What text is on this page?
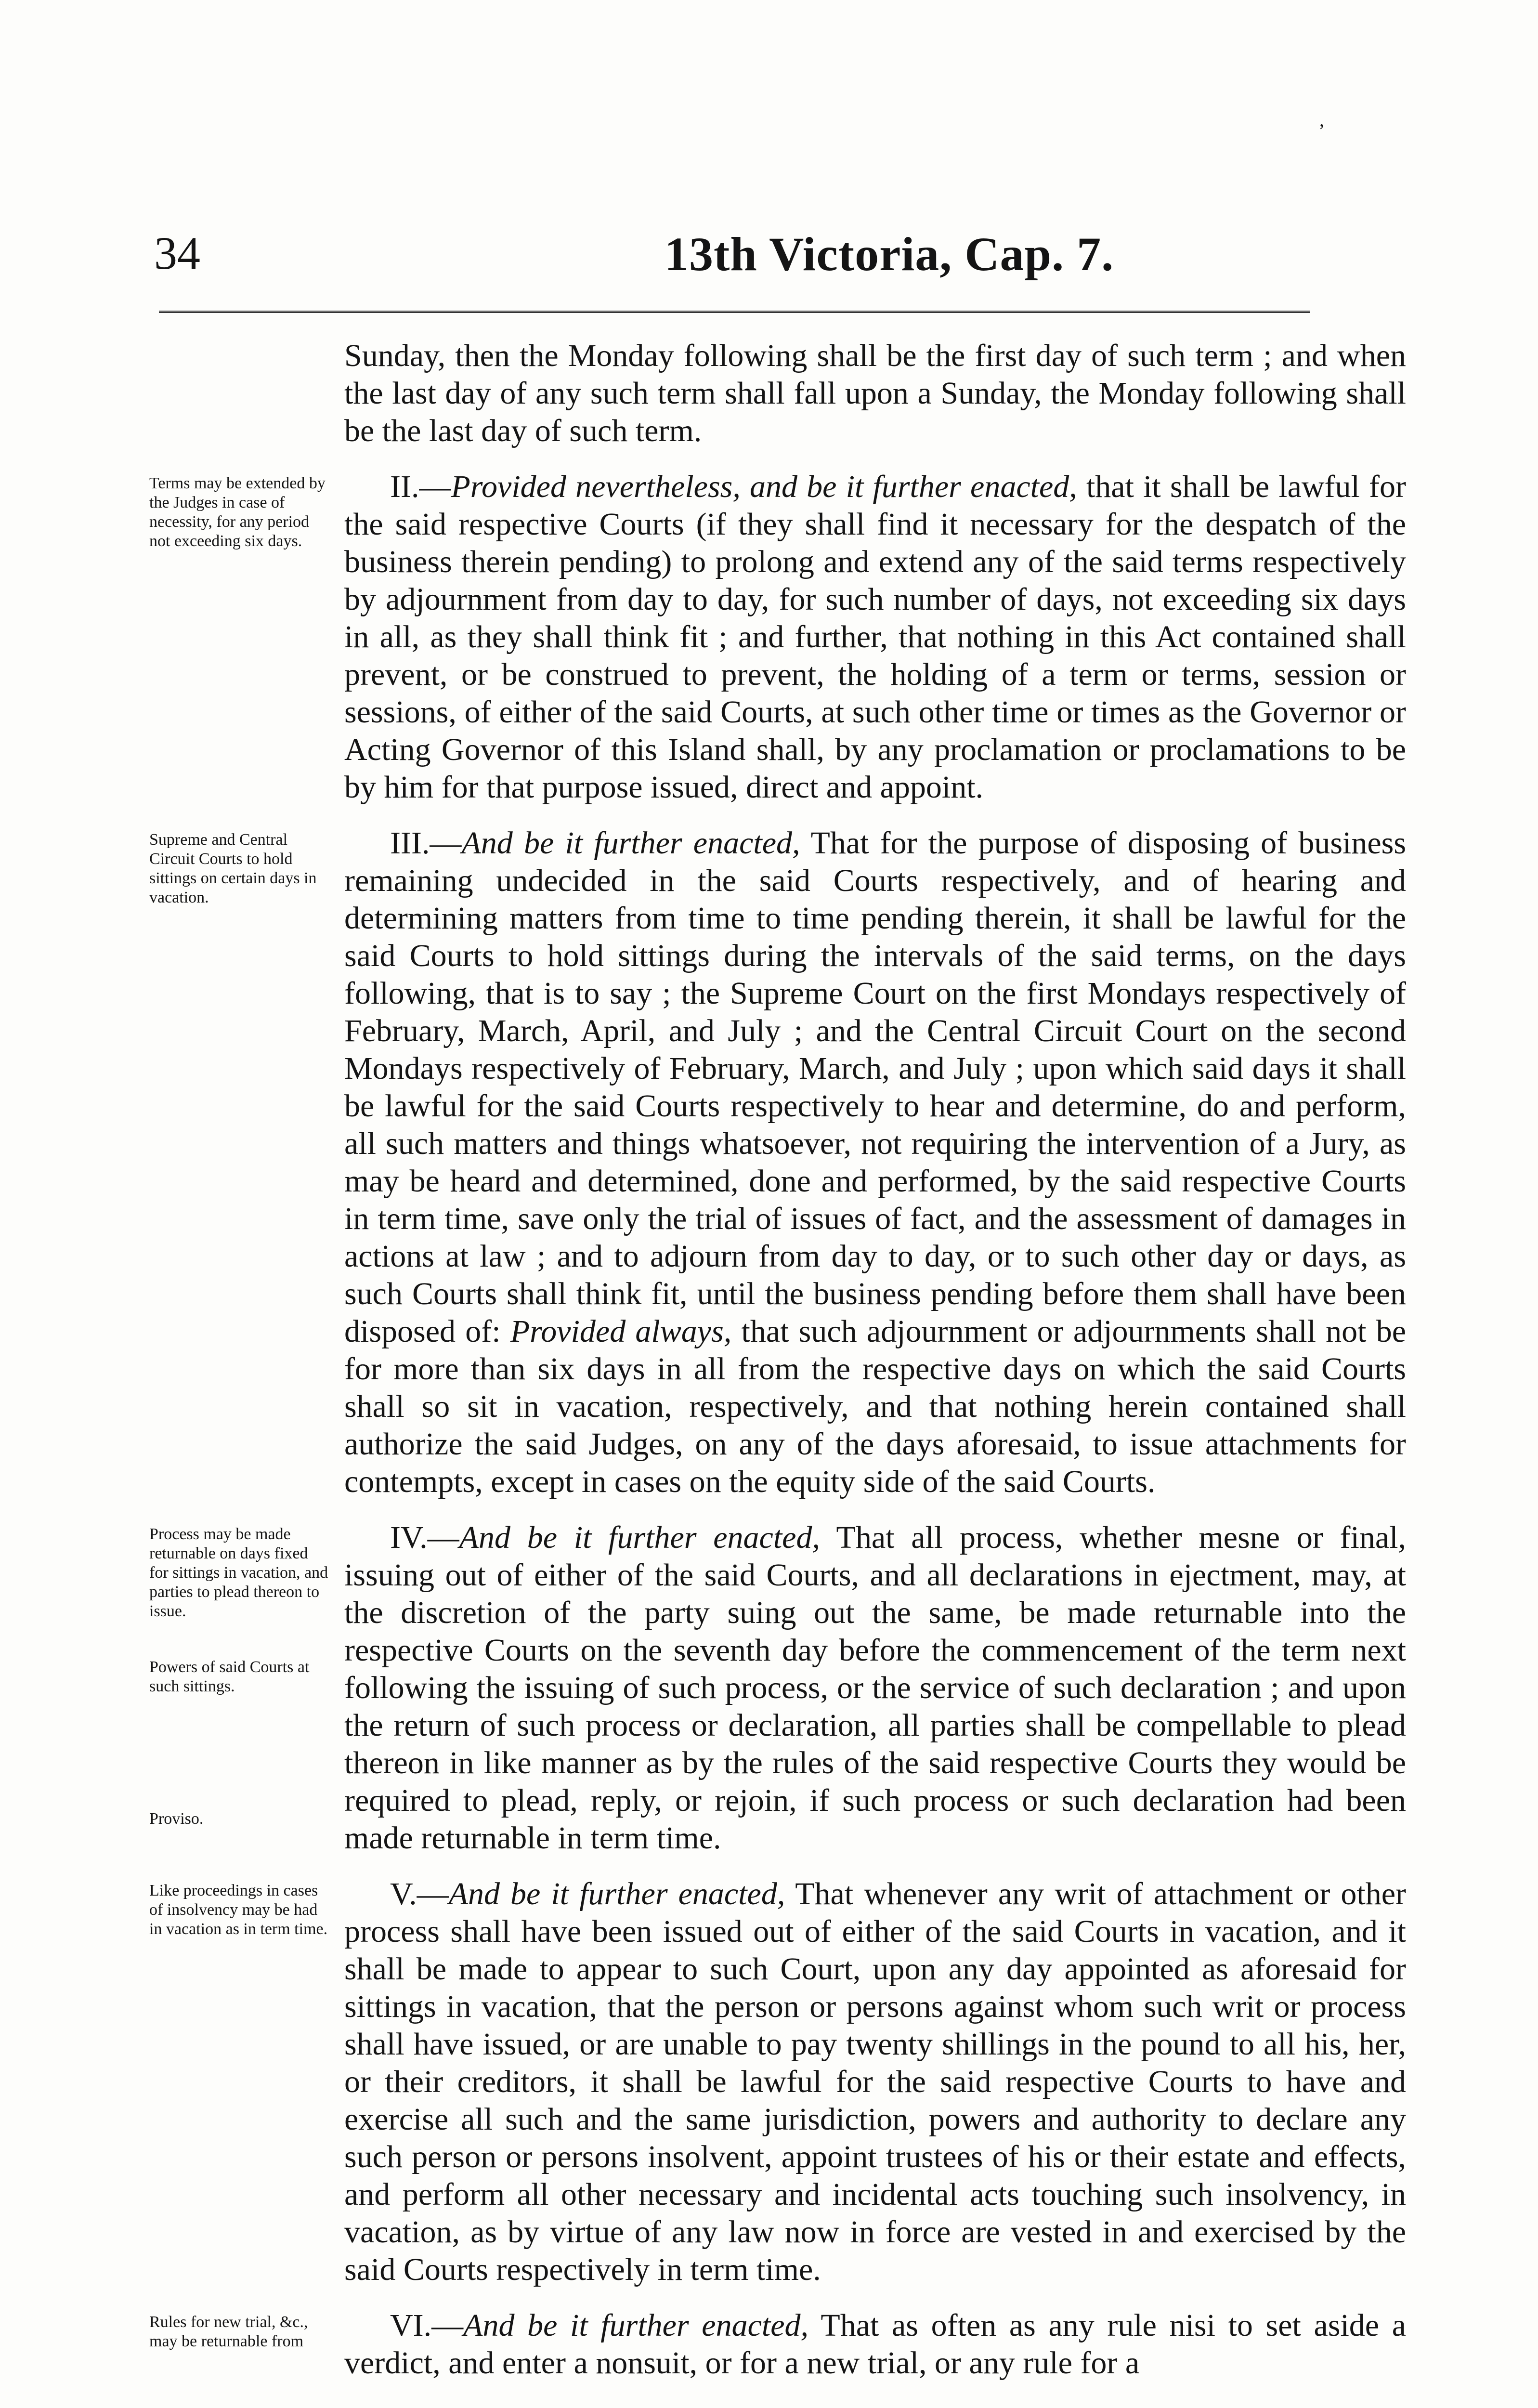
,
34	13th Victoria, Cap. 7.

Sunday, then the Monday following shall be the first day of such term ; and when the last day of any such term shall fall upon a Sunday, the Monday following shall be the last day of such term.

Terms may be extended by the Judges in case of necessity, for any period not exceeding six days.
II.—Provided nevertheless, and be it further enacted, that it shall be lawful for the said respective Courts (if they shall find it necessary for the despatch of the business therein pending) to prolong and extend any of the said terms respectively by adjournment from day to day, for such number of days, not exceeding six days in all, as they shall think fit ; and further, that nothing in this Act contained shall prevent, or be construed to prevent, the holding of a term or terms, session or sessions, of either of the said Courts, at such other time or times as the Governor or Acting Governor of this Island shall, by any proclamation or proclamations to be by him for that purpose issued, direct and appoint.

Supreme and Central Circuit Courts to hold sittings on certain days in vacation.
Powers of said Courts at such sittings.
Proviso.
III.—And be it further enacted, That for the purpose of disposing of business remaining undecided in the said Courts respectively, and of hearing and determining matters from time to time pending therein, it shall be lawful for the said Courts to hold sittings during the intervals of the said terms, on the days following, that is to say ; the Supreme Court on the first Mondays respectively of February, March, April, and July ; and the Central Circuit Court on the second Mondays respectively of February, March, and July ; upon which said days it shall be lawful for the said Courts respectively to hear and determine, do and perform, all such matters and things whatsoever, not requiring the intervention of a Jury, as may be heard and determined, done and performed, by the said respective Courts in term time, save only the trial of issues of fact, and the assessment of damages in actions at law ; and to adjourn from day to day, or to such other day or days, as such Courts shall think fit, until the business pending before them shall have been disposed of: Provided always, that such adjournment or adjournments shall not be for more than six days in all from the respective days on which the said Courts shall so sit in vacation, respectively, and that nothing herein contained shall authorize the said Judges, on any of the days aforesaid, to issue attachments for contempts, except in cases on the equity side of the said Courts.

Process may be made returnable on days fixed for sittings in vacation, and parties to plead thereon to issue.
IV.—And be it further enacted, That all process, whether mesne or final, issuing out of either of the said Courts, and all declarations in ejectment, may, at the discretion of the party suing out the same, be made returnable into the respective Courts on the seventh day before the commencement of the term next following the issuing of such process, or the service of such declaration ; and upon the return of such process or declaration, all parties shall be compellable to plead thereon in like manner as by the rules of the said respective Courts they would be required to plead, reply, or rejoin, if such process or such declaration had been made returnable in term time.

Like proceedings in cases of insolvency may be had in vacation as in term time.
V.—And be it further enacted, That whenever any writ of attachment or other process shall have been issued out of either of the said Courts in vacation, and it shall be made to appear to such Court, upon any day appointed as aforesaid for sittings in vacation, that the person or persons against whom such writ or process shall have issued, or are unable to pay twenty shillings in the pound to all his, her, or their creditors, it shall be lawful for the said respective Courts to have and exercise all such and the same jurisdiction, powers and authority to declare any such person or persons insolvent, appoint trustees of his or their estate and effects, and perform all other necessary and incidental acts touching such insolvency, in vacation, as by virtue of any law now in force are vested in and exercised by the said Courts respectively in term time.

Rules for new trial, &c., may be returnable from	VI.—And be it further enacted, That as often as any rule nisi to set aside a verdict, and enter a nonsuit, or for a new trial, or any rule for a
